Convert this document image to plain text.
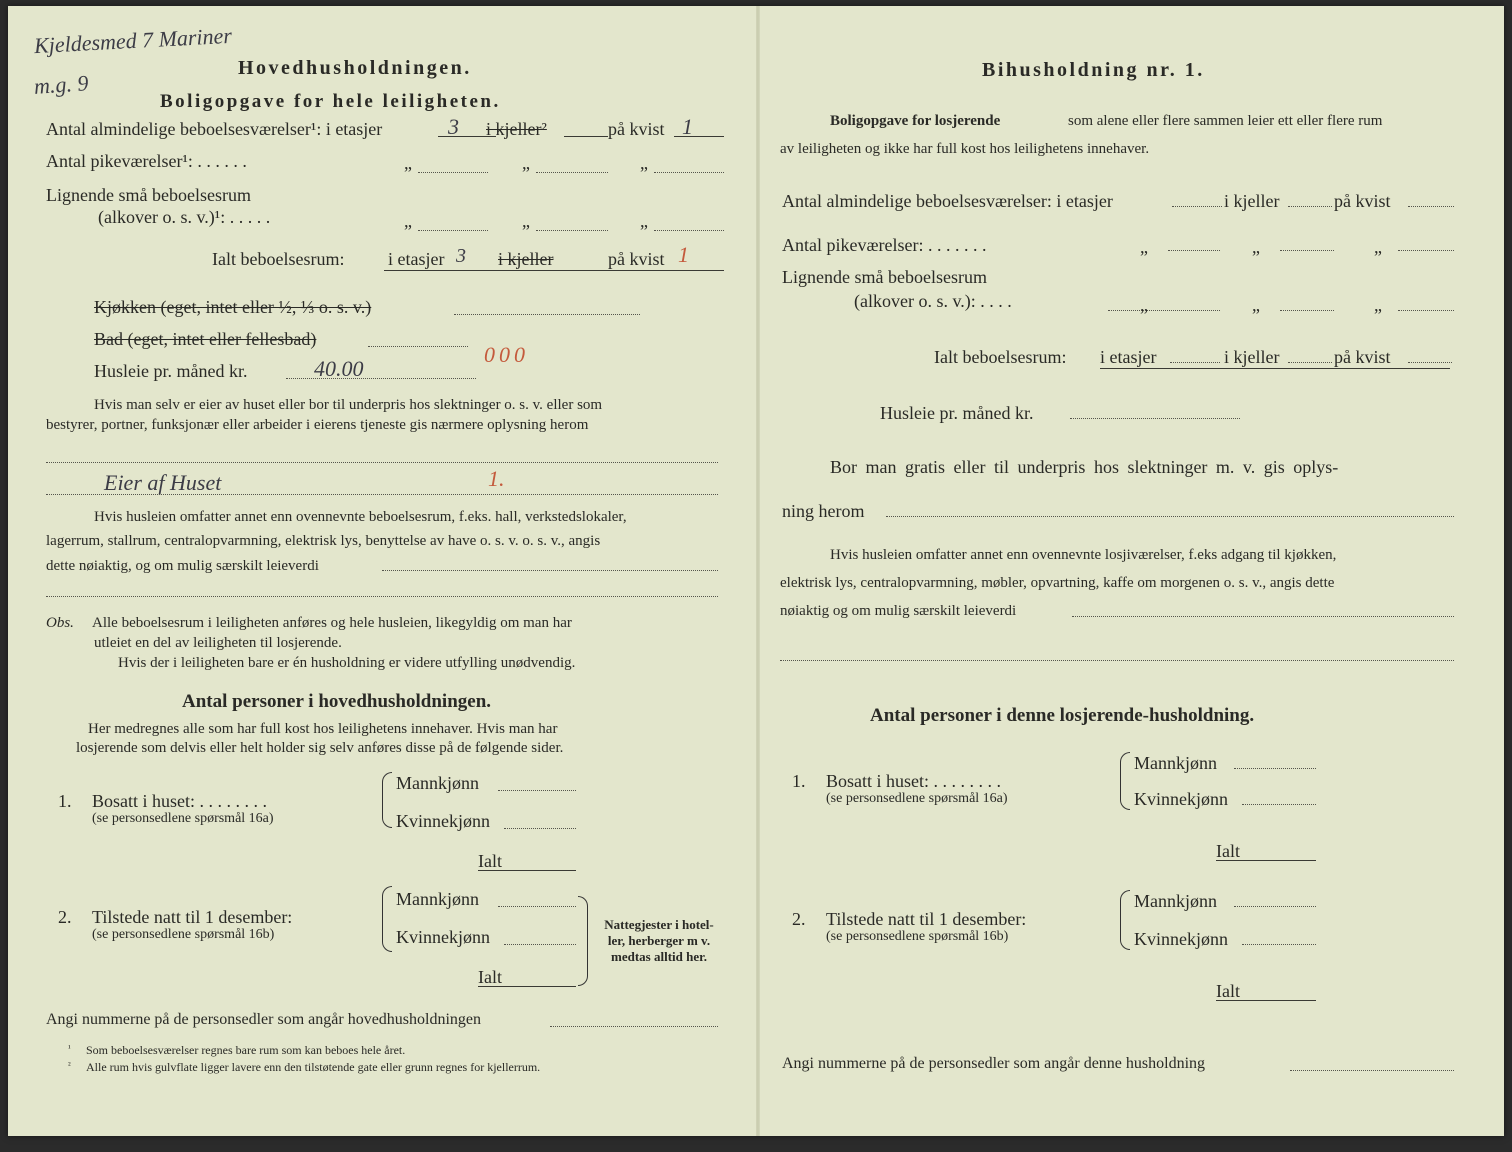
Kjeldesmed 7 Mariner
m.g. 9
Hovedhusholdningen.
Boligopgave for hele leiligheten.
Antal almindelige beboelsesværelser¹: i etasjer	3 i kjeller²	på kvist 1
Antal pikeværelser¹: . . . . . .	„	„	„
Lignende små beboelsesrum
(alkover o. s. v.)¹: . . . . .	„	„	„
Ialt beboelsesrum: i etasjer 3 i kjeller	på kvist 1
Kjøkken (eget, intet eller ½, ⅓ o. s. v.)
Bad (eget, intet eller fellesbad)
Husleie pr. måned kr.	40.00
000
Hvis man selv er eier av huset eller bor til underpris hos slektninger o. s. v. eller som
bestyrer, portner, funksjonær eller arbeider i eierens tjeneste gis nærmere oplysning herom
Eier af Huset	1.
Hvis husleien omfatter annet enn ovennevnte beboelsesrum, f.eks. hall, verkstedslokaler,
lagerrum, stallrum, centralopvarmning, elektrisk lys, benyttelse av have o. s. v. o. s. v., angis
dette nøiaktig, og om mulig særskilt leieverdi
Obs. Alle beboelsesrum i leiligheten anføres og hele husleien, likegyldig om man har
utleiet en del av leiligheten til losjerende.
Hvis der i leiligheten bare er én husholdning er videre utfylling unødvendig.
Antal personer i hovedhusholdningen.
Her medregnes alle som har full kost hos leilighetens innehaver. Hvis man har
losjerende som delvis eller helt holder sig selv anføres disse på de følgende sider.
1. Bosatt i huset: . . . . . . . .
(se personsedlene spørsmål 16a)
Mannkjønn
Kvinnekjønn
Ialt
2. Tilstede natt til 1 desember:
(se personsedlene spørsmål 16b)
Mannkjønn
Kvinnekjønn
Ialt
Nattegjester i hotel-
ler, herberger m v.
medtas alltid her.
Angi nummerne på de personsedler som angår hovedhusholdningen
¹ Som beboelsesværelser regnes bare rum som kan beboes hele året.
² Alle rum hvis gulvflate ligger lavere enn den tilstøtende gate eller grunn regnes for kjellerrum.
Bihusholdning nr. 1.
Boligopgave for losjerende	som alene eller flere sammen leier ett eller flere rum
av leiligheten og ikke har full kost hos leilighetens innehaver.
Antal almindelige beboelsesværelser: i etasjer	i kjeller	på kvist
Antal pikeværelser: . . . . . . .	„	„	„
Lignende små beboelsesrum
(alkover o. s. v.): . . . .	„	„	„
Ialt beboelsesrum: i etasjer	i kjeller	på kvist
Husleie pr. måned kr.
Bor man gratis eller til underpris hos slektninger m. v. gis oplys-
ning herom
Hvis husleien omfatter annet enn ovennevnte losjiværelser, f.eks adgang til kjøkken,
elektrisk lys, centralopvarmning, møbler, opvartning, kaffe om morgenen o. s. v., angis dette
nøiaktig og om mulig særskilt leieverdi
Antal personer i denne losjerende-husholdning.
1. Bosatt i huset: . . . . . . . .
(se personsedlene spørsmål 16a)
Mannkjønn
Kvinnekjønn
Ialt
2. Tilstede natt til 1 desember:
(se personsedlene spørsmål 16b)
Mannkjønn
Kvinnekjønn
Ialt
Angi nummerne på de personsedler som angår denne husholdning
